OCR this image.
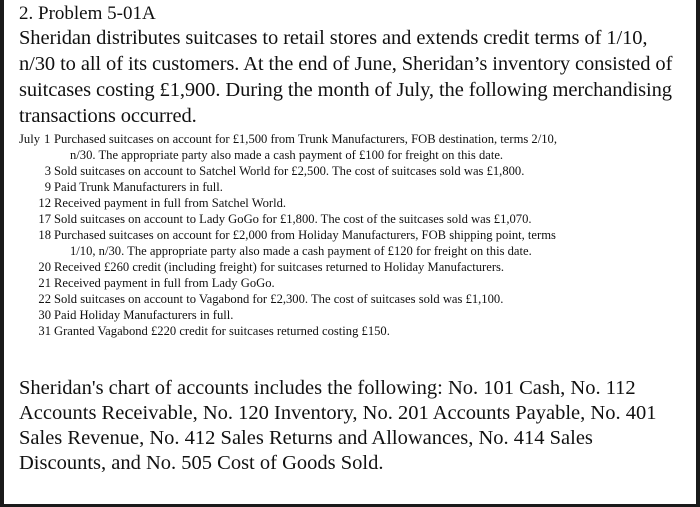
2. Problem 5-01A

Sheridan distributes suitcases to retail stores and extends credit terms of 1/10, n/30 to all of its customers. At the end of June, Sheridan’s inventory consisted of suitcases costing £1,900. During the month of July, the following merchandising transactions occurred.

July 1 Purchased suitcases on account for £1,500 from Trunk Manufacturers, FOB destination, terms 2/10,
n/30. The appropriate party also made a cash payment of £100 for freight on this date.
3 Sold suitcases on account to Satchel World for £2,500. The cost of suitcases sold was £1,800.
9 Paid Trunk Manufacturers in full.
12 Received payment in full from Satchel World.
17 Sold suitcases on account to Lady GoGo for £1,800. The cost of the suitcases sold was £1,070.
18 Purchased suitcases on account for £2,000 from Holiday Manufacturers, FOB shipping point, terms
1/10, n/30. The appropriate party also made a cash payment of £120 for freight on this date.
20 Received £260 credit (including freight) for suitcases returned to Holiday Manufacturers.
21 Received payment in full from Lady GoGo.
22 Sold suitcases on account to Vagabond for £2,300. The cost of suitcases sold was £1,100.
30 Paid Holiday Manufacturers in full.
31 Granted Vagabond £220 credit for suitcases returned costing £150.

Sheridan's chart of accounts includes the following: No. 101 Cash, No. 112 Accounts Receivable, No. 120 Inventory, No. 201 Accounts Payable, No. 401 Sales Revenue, No. 412 Sales Returns and Allowances, No. 414 Sales Discounts, and No. 505 Cost of Goods Sold.
